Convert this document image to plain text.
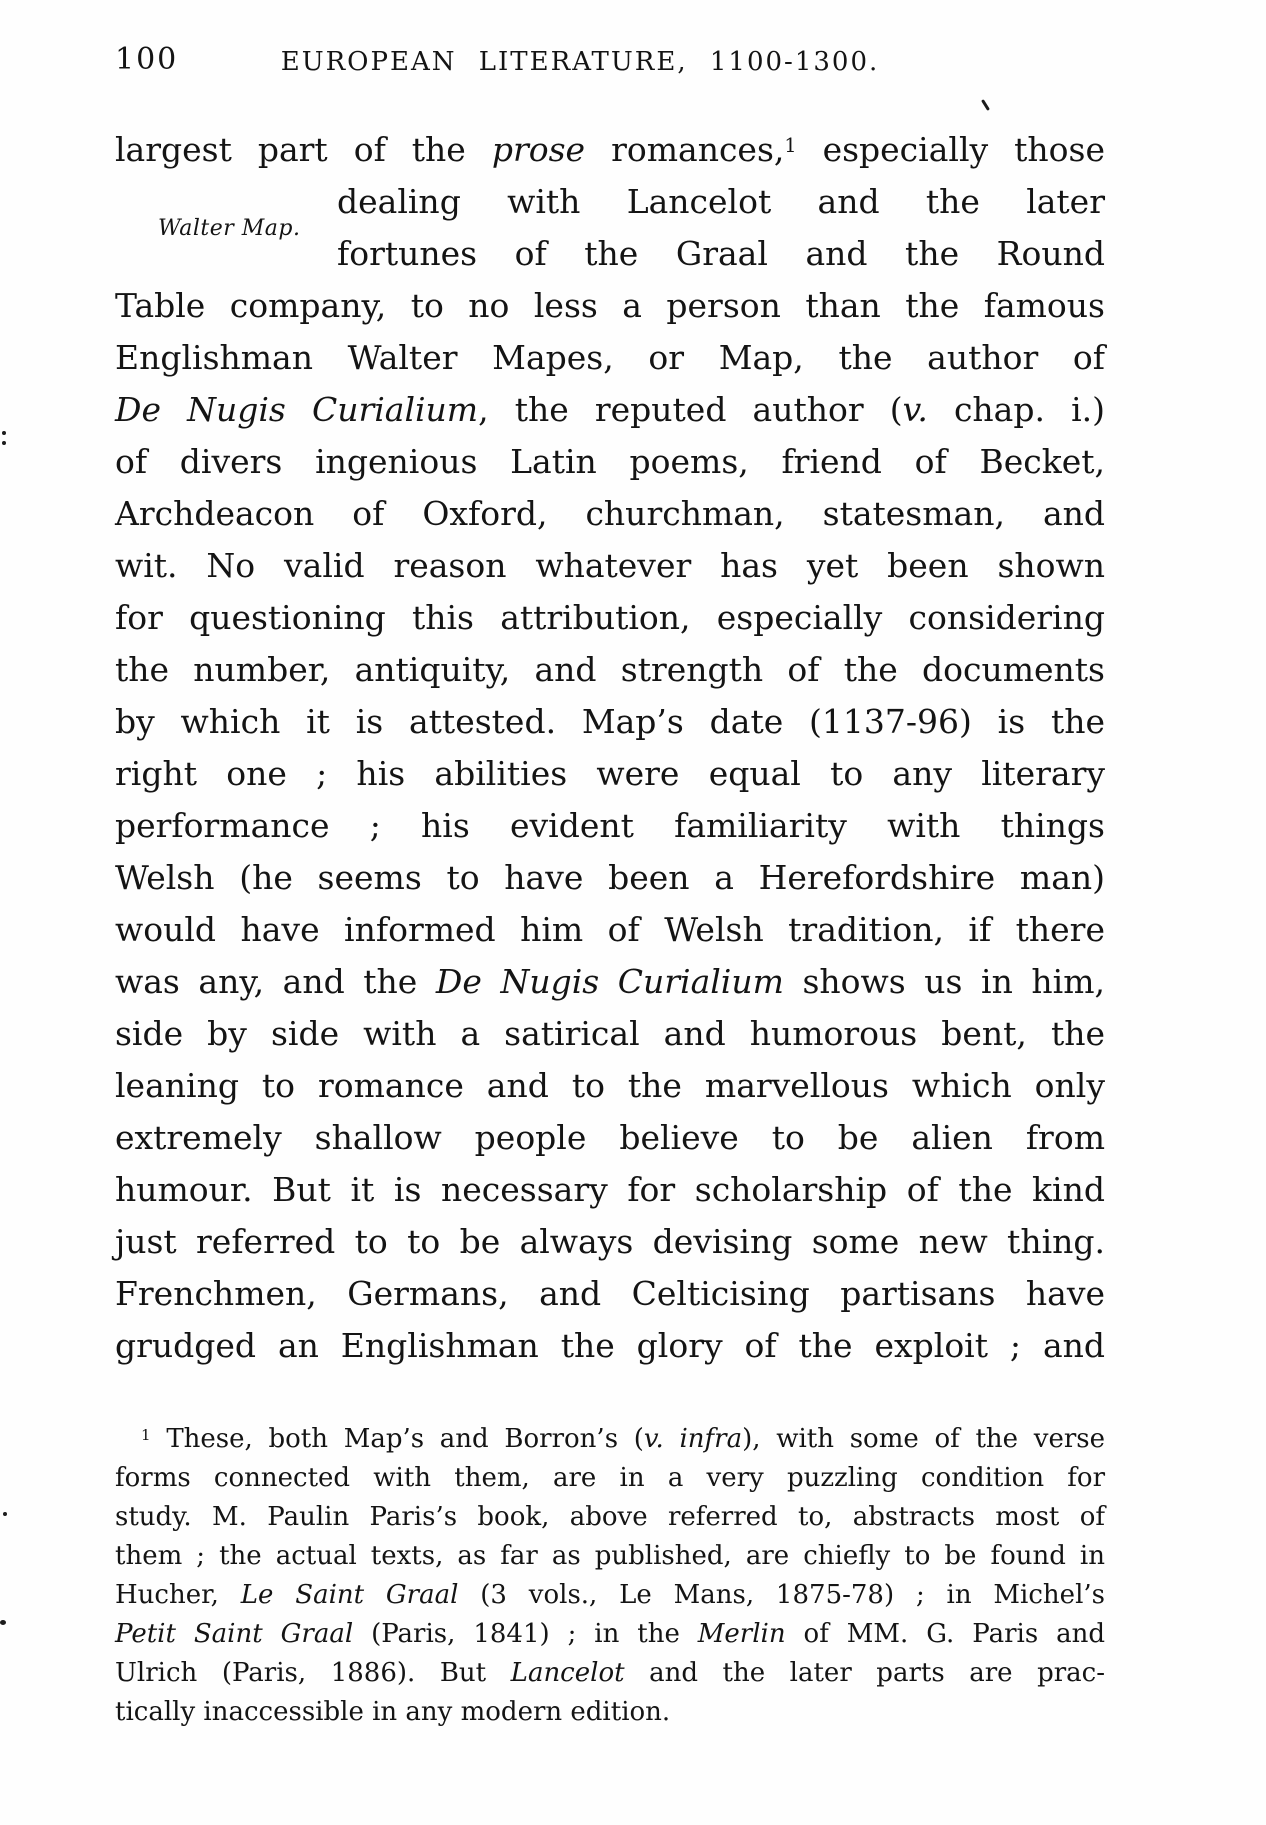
100	EUROPEAN LITERATURE, 1100-1300.
Walter Map.
largest part of the prose romances,$^1$ especially those
dealing with Lancelot and the later
fortunes of the Graal and the Round
Table company, to no less a person than the famous
Englishman Walter Mapes, or Map, the author of
De Nugis Curialium, the reputed author (v. chap. i.)
of divers ingenious Latin poems, friend of Becket,
Archdeacon of Oxford, churchman, statesman, and
wit. No valid reason whatever has yet been shown
for questioning this attribution, especially considering
the number, antiquity, and strength of the documents
by which it is attested. Map’s date (1137-96) is the
right one ; his abilities were equal to any literary
performance ; his evident familiarity with things
Welsh (he seems to have been a Herefordshire man)
would have informed him of Welsh tradition, if there
was any, and the De Nugis Curialium shows us in him,
side by side with a satirical and humorous bent, the
leaning to romance and to the marvellous which only
extremely shallow people believe to be alien from
humour. But it is necessary for scholarship of the kind
just referred to to be always devising some new thing.
Frenchmen, Germans, and Celticising partisans have
grudged an Englishman the glory of the exploit ; and
$^1$ These, both Map’s and Borron’s (v. infra), with some of the verse
forms connected with them, are in a very puzzling condition for
study. M. Paulin Paris’s book, above referred to, abstracts most of
them ; the actual texts, as far as published, are chiefly to be found in
Hucher, Le Saint Graal (3 vols., Le Mans, 1875-78) ; in Michel’s
Petit Saint Graal (Paris, 1841) ; in the Merlin of MM. G. Paris and
Ulrich (Paris, 1886). But Lancelot and the later parts are prac-
tically inaccessible in any modern edition.
